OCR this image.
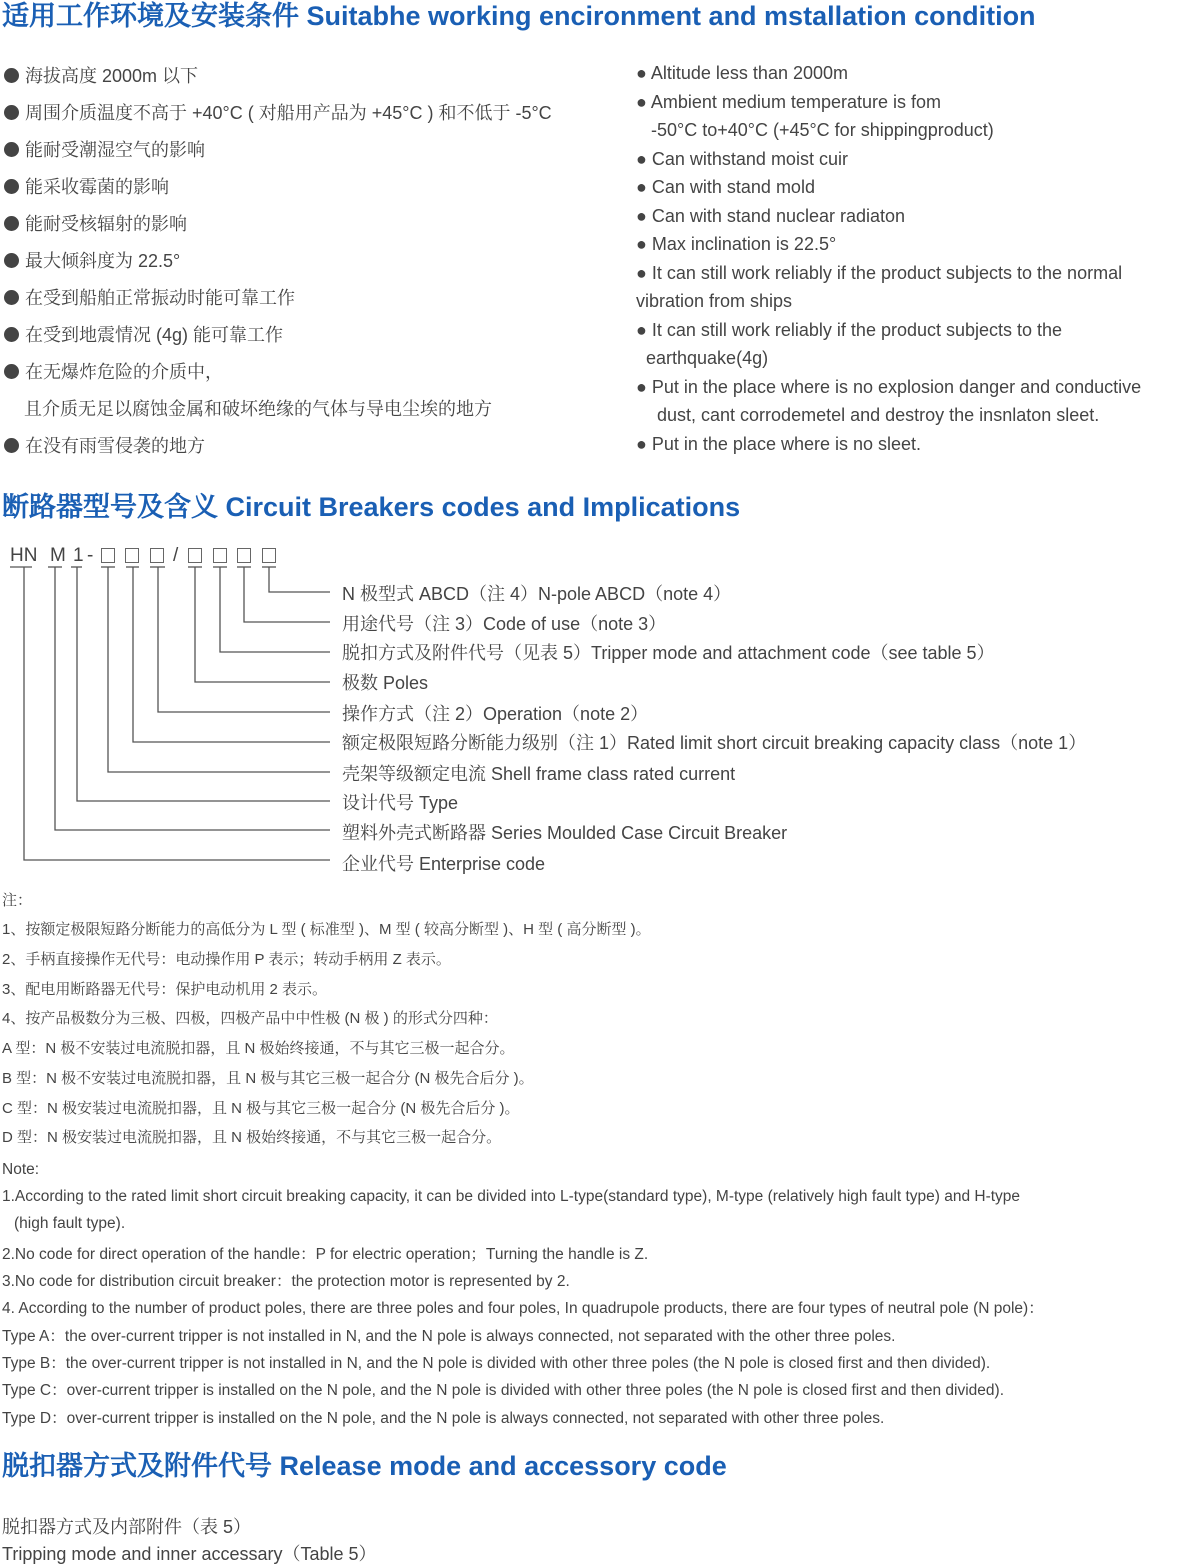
适用工作环境及安装条件 Suitabhe working encironment and mstallation condition
海拔高度 2000m 以下
周围介质温度不高于 +40°C ( 对船用产品为 +45°C ) 和不低于 -5°C
能耐受潮湿空气的影响
能采收霉菌的影响
能耐受核辐射的影响
最大倾斜度为 22.5°
在受到船舶正常振动时能可靠工作
在受到地震情况 (4g) 能可靠工作
在无爆炸危险的介质中，
且介质无足以腐蚀金属和破坏绝缘的气体与导电尘埃的地方
在没有雨雪侵袭的地方
● Altitude less than 2000m
● Ambient medium temperature is fom
-50°C to+40°C (+45°C for shippingproduct)
● Can withstand moist cuir
● Can with stand mold
● Can with stand nuclear radiaton
● Max inclination is 22.5°
● It can still work reliably if the product subjects to the normal
vibration from ships
● It can still work reliably if the product subjects to the
earthquake(4g)
● Put in the place where is no explosion danger and conductive
dust, cant corrodemetel and destroy the insnlaton sleet.
● Put in the place where is no sleet.
断路器型号及含义 Circuit Breakers codes and Implications
HN M 1 -	/
N 极型式 ABCD（注 4）N-pole ABCD（note 4）
用途代号（注 3）Code of use（note 3）
脱扣方式及附件代号（见表 5）Tripper mode and attachment code（see table 5）
极数 Poles
操作方式（注 2）Operation（note 2）
额定极限短路分断能力级别（注 1）Rated limit short circuit breaking capacity class（note 1）
壳架等级额定电流 Shell frame class rated current
设计代号 Type
塑料外壳式断路器 Series Moulded Case Circuit Breaker
企业代号 Enterprise code
注：
1、按额定极限短路分断能力的高低分为 L 型 ( 标准型 )、M 型 ( 较高分断型 )、H 型 ( 高分断型 )。
2、手柄直接操作无代号：电动操作用 P 表示；转动手柄用 Z 表示。
3、配电用断路器无代号：保护电动机用 2 表示。
4、按产品极数分为三极、四极，四极产品中中性极 (N 极 ) 的形式分四种：
A 型：N 极不安装过电流脱扣器，且 N 极始终接通，不与其它三极一起合分。
B 型：N 极不安装过电流脱扣器，且 N 极与其它三极一起合分 (N 极先合后分 )。
C 型：N 极安装过电流脱扣器，且 N 极与其它三极一起合分 (N 极先合后分 )。
D 型：N 极安装过电流脱扣器，且 N 极始终接通，不与其它三极一起合分。
Note:
1.According to the rated limit short circuit breaking capacity, it can be divided into L-type(standard type), M-type (relatively high fault type) and H-type
(high fault type).
2.No code for direct operation of the handle：P for electric operation；Turning the handle is Z.
3.No code for distribution circuit breaker：the protection motor is represented by 2.
4. According to the number of product poles, there are three poles and four poles, In quadrupole products, there are four types of neutral pole (N pole)：
Type A：the over-current tripper is not installed in N, and the N pole is always connected, not separated with the other three poles.
Type B：the over-current tripper is not installed in N, and the N pole is divided with other three poles (the N pole is closed first and then divided).
Type C：over-current tripper is installed on the N pole, and the N pole is divided with other three poles (the N pole is closed first and then divided).
Type D：over-current tripper is installed on the N pole, and the N pole is always connected, not separated with other three poles.
脱扣器方式及附件代号 Release mode and accessory code
脱扣器方式及内部附件（表 5）
Tripping mode and inner accessary（Table 5）
